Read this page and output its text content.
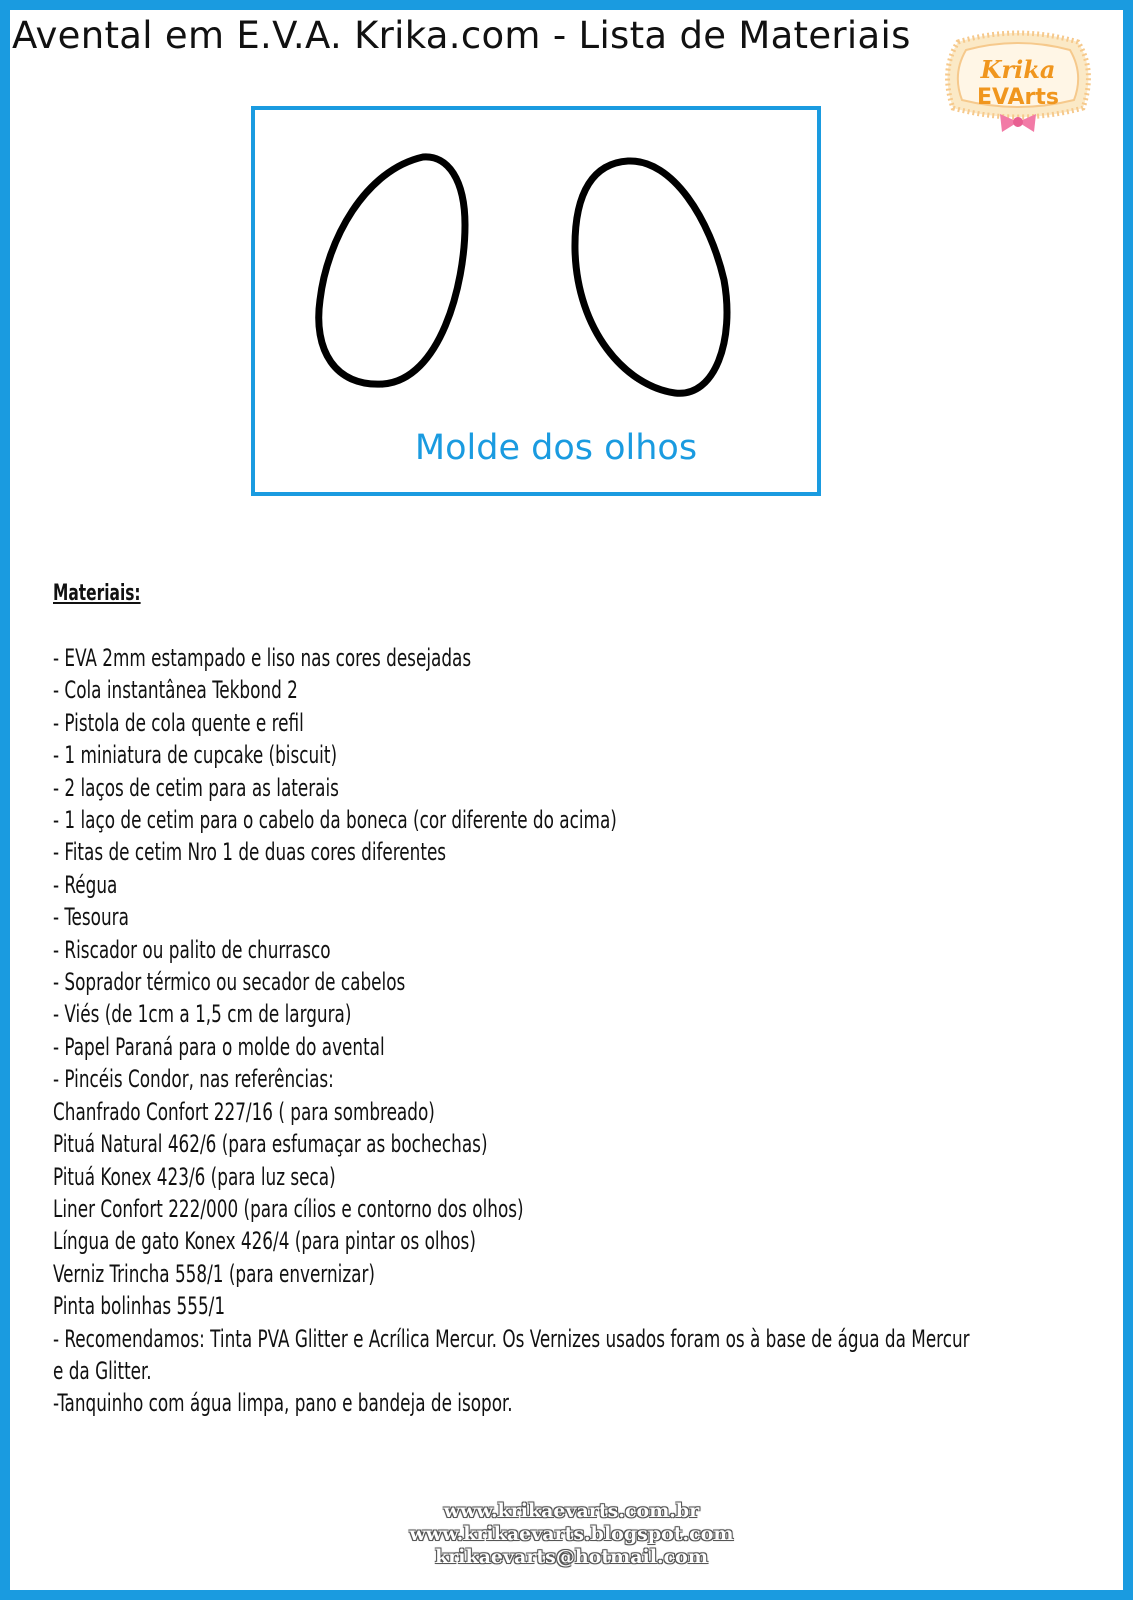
Avental em E.V.A. Krika.com - Lista de Materiais
Krika
EVArts
Molde dos olhos
Materiais:
- EVA 2mm estampado e liso nas cores desejadas
- Cola instantânea Tekbond 2
- Pistola de cola quente e refil
- 1 miniatura de cupcake (biscuit)
- 2 laços de cetim para as laterais
- 1 laço de cetim para o cabelo da boneca (cor diferente do acima)
- Fitas de cetim Nro 1 de duas cores diferentes
- Régua
- Tesoura
- Riscador ou palito de churrasco
- Soprador térmico ou secador de cabelos
- Viés (de 1cm a 1,5 cm de largura)
- Papel Paraná para o molde do avental
- Pincéis Condor, nas referências:
Chanfrado Confort 227/16 ( para sombreado)
Pituá Natural 462/6 (para esfumaçar as bochechas)
Pituá Konex 423/6 (para luz seca)
Liner Confort 222/000 (para cílios e contorno dos olhos)
Língua de gato Konex 426/4 (para pintar os olhos)
Verniz Trincha 558/1 (para envernizar)
Pinta bolinhas 555/1
- Recomendamos: Tinta PVA Glitter e Acrílica Mercur. Os Vernizes usados foram os à base de água da Mercur
e da Glitter.
-Tanquinho com água limpa, pano e bandeja de isopor.
www.krikaevarts.com.br
www.krikaevarts.blogspot.com
krikaevarts@hotmail.com
